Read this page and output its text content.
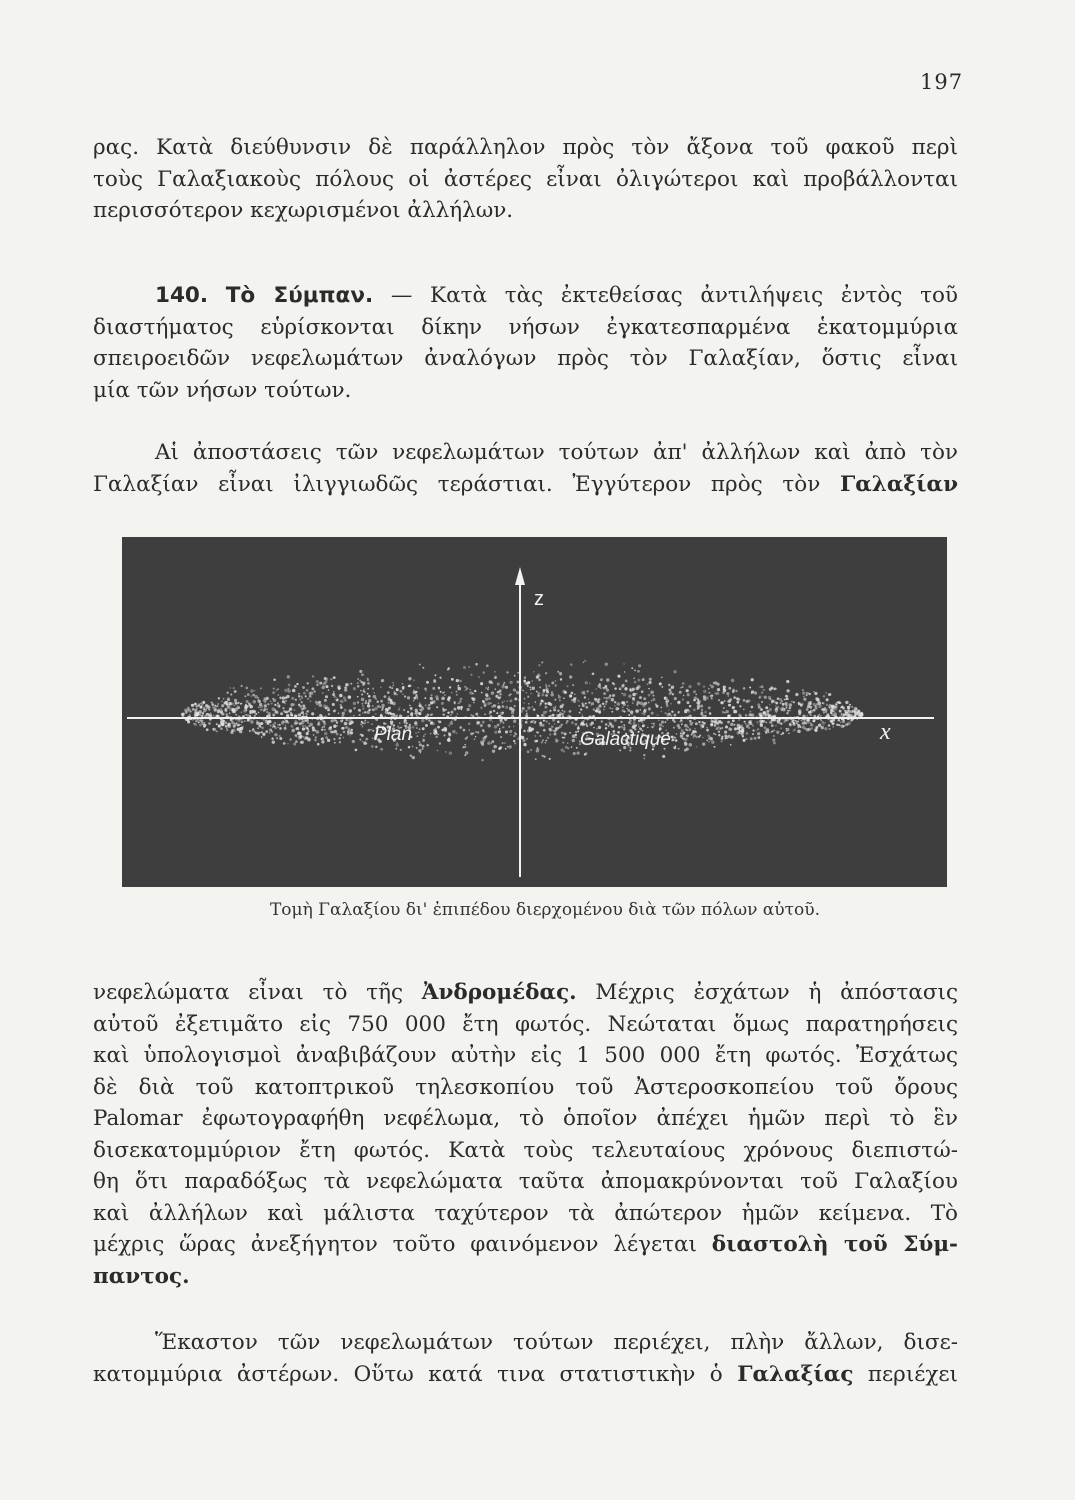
197

ρας. Κατὰ διεύθυνσιν δὲ παράλληλον πρὸς τὸν ἄξονα τοῦ φακοῦ περὶ
τοὺς Γαλαξιακοὺς πόλους οἱ ἀστέρες εἶναι ὀλιγώτεροι καὶ προβάλλονται
περισσότερον κεχωρισμένοι ἀλλήλων.

140. Τὸ Σύμπαν. — Κατὰ τὰς ἐκτεθείσας ἀντιλήψεις ἐντὸς τοῦ
διαστήματος εὑρίσκονται δίκην νήσων ἐγκατεσπαρμένα ἑκατομμύρια
σπειροειδῶν νεφελωμάτων ἀναλόγων πρὸς τὸν Γαλαξίαν, ὅστις εἶναι
μία τῶν νήσων τούτων.

Αἱ ἀποστάσεις τῶν νεφελωμάτων τούτων ἀπ' ἀλλήλων καὶ ἀπὸ τὸν
Γαλαξίαν εἶναι ἰλιγγιωδῶς τεράστιαι. Ἐγγύτερον πρὸς τὸν Γαλαξίαν

z
x
Plan	Galactique
Τομὴ Γαλαξίου δι' ἐπιπέδου διερχομένου διὰ τῶν πόλων αὐτοῦ.

νεφελώματα εἶναι τὸ τῆς Ἀνδρομέδας. Μέχρις ἐσχάτων ἡ ἀπόστασις
αὐτοῦ ἐξετιμᾶτο εἰς 750 000 ἔτη φωτός. Νεώταται ὅμως παρατηρήσεις
καὶ ὑπολογισμοὶ ἀναβιβάζουν αὐτὴν εἰς 1 500 000 ἔτη φωτός. Ἐσχάτως
δὲ διὰ τοῦ κατοπτρικοῦ τηλεσκοπίου τοῦ Ἀστεροσκοπείου τοῦ ὄρους
Palomar ἐφωτογραφήθη νεφέλωμα, τὸ ὁποῖον ἀπέχει ἡμῶν περὶ τὸ ἓν
δισεκατομμύριον ἔτη φωτός. Κατὰ τοὺς τελευταίους χρόνους διεπιστώ-
θη ὅτι παραδόξως τὰ νεφελώματα ταῦτα ἀπομακρύνονται τοῦ Γαλαξίου
καὶ ἀλλήλων καὶ μάλιστα ταχύτερον τὰ ἀπώτερον ἡμῶν κείμενα. Τὸ
μέχρις ὥρας ἀνεξήγητον τοῦτο φαινόμενον λέγεται διαστολὴ τοῦ Σύμ-
παντος.

Ἕκαστον τῶν νεφελωμάτων τούτων περιέχει, πλὴν ἄλλων, δισε-
κατομμύρια ἀστέρων. Οὕτω κατά τινα στατιστικὴν ὁ Γαλαξίας περιέχει
